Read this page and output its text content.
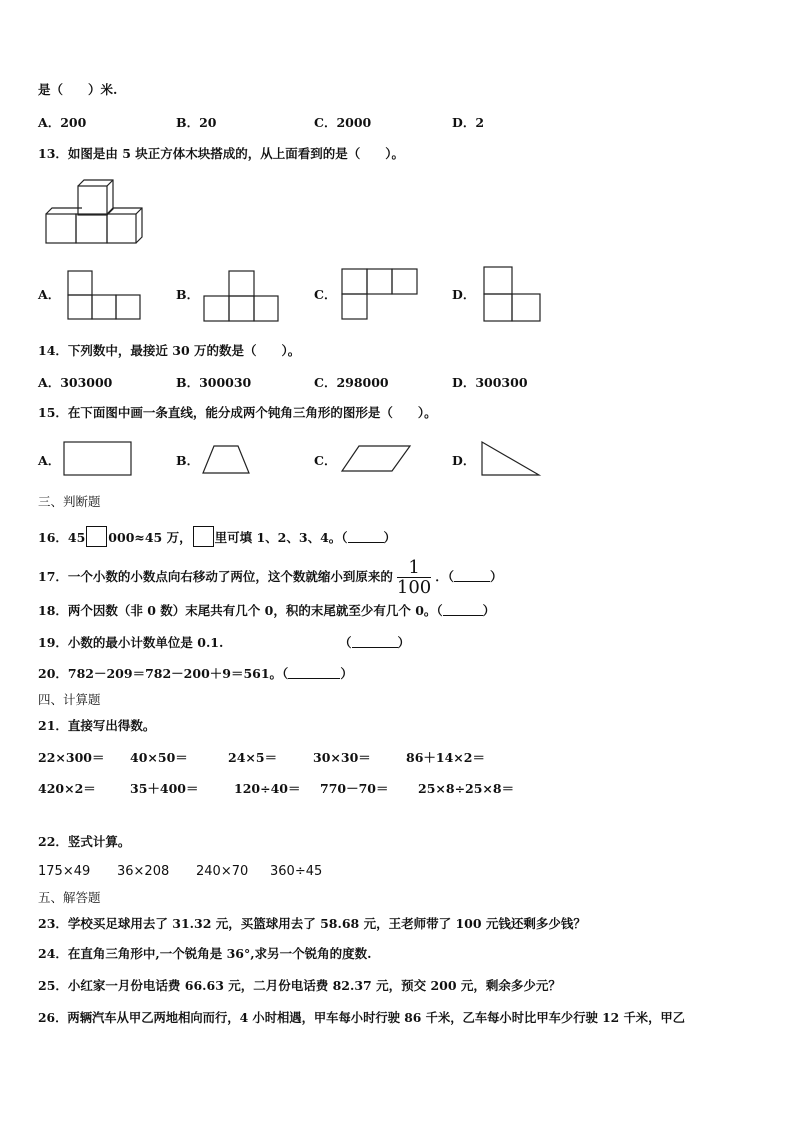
是（　　）米.
A．200	B．20	C．2000	D．2
13．如图是由 5 块正方体木块搭成的，从上面看到的是（　　）。
A．	B．	C．	D．
14．下列数中，最接近 30 万的数是（　　）。
A．303000	B．300030	C．298000	D．300300
15．在下面图中画一条直线，能分成两个钝角三角形的图形是（　　）。
A．	B．	C．	D．
三、判断题
16．45 000≈45 万， 里可填 1、2、3、4。（	）
17．一个小数的小数点向右移动了两位，这个数就缩小到原来的 $\frac{1}{100}$ ．（	）
18．两个因数（非 0 数）末尾共有几个 0，积的末尾就至少有几个 0。（	）
19．小数的最小计数单位是 0.1.	（	）
20．782－209＝782－200＋9＝561。（	）
四、计算题
21．直接写出得数。
22×300＝ 40×50＝	24×5＝	30×30＝	86＋14×2＝
420×2＝	35＋400＝	120÷40＝ 770－70＝ 25×8÷25×8＝
22．竖式计算。
175×49 36×208 240×70 360÷45
五、解答题
23．学校买足球用去了 31.32 元，买篮球用去了 58.68 元，王老师带了 100 元钱还剩多少钱？
24．在直角三角形中,一个锐角是 36°,求另一个锐角的度数.
25．小红家一月份电话费 66.63 元，二月份电话费 82.37 元，预交 200 元，剩余多少元？
26．两辆汽车从甲乙两地相向而行，4 小时相遇，甲车每小时行驶 86 千米，乙车每小时比甲车少行驶 12 千米，甲乙
